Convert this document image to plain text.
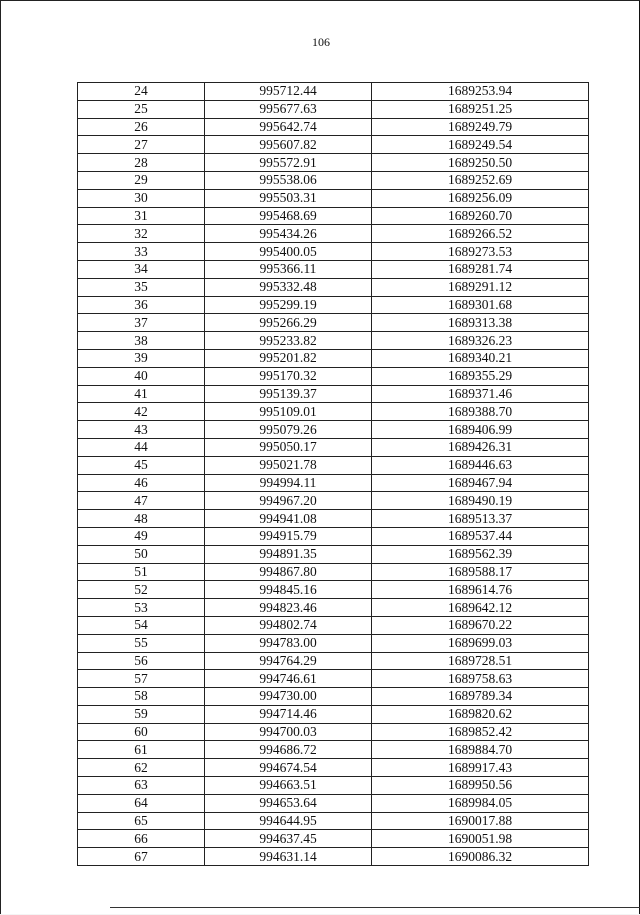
106
24	995712.44	1689253.94
25	995677.63	1689251.25
26	995642.74	1689249.79
27	995607.82	1689249.54
28	995572.91	1689250.50
29	995538.06	1689252.69
30	995503.31	1689256.09
31	995468.69	1689260.70
32	995434.26	1689266.52
33	995400.05	1689273.53
34	995366.11	1689281.74
35	995332.48	1689291.12
36	995299.19	1689301.68
37	995266.29	1689313.38
38	995233.82	1689326.23
39	995201.82	1689340.21
40	995170.32	1689355.29
41	995139.37	1689371.46
42	995109.01	1689388.70
43	995079.26	1689406.99
44	995050.17	1689426.31
45	995021.78	1689446.63
46	994994.11	1689467.94
47	994967.20	1689490.19
48	994941.08	1689513.37
49	994915.79	1689537.44
50	994891.35	1689562.39
51	994867.80	1689588.17
52	994845.16	1689614.76
53	994823.46	1689642.12
54	994802.74	1689670.22
55	994783.00	1689699.03
56	994764.29	1689728.51
57	994746.61	1689758.63
58	994730.00	1689789.34
59	994714.46	1689820.62
60	994700.03	1689852.42
61	994686.72	1689884.70
62	994674.54	1689917.43
63	994663.51	1689950.56
64	994653.64	1689984.05
65	994644.95	1690017.88
66	994637.45	1690051.98
67	994631.14	1690086.32
